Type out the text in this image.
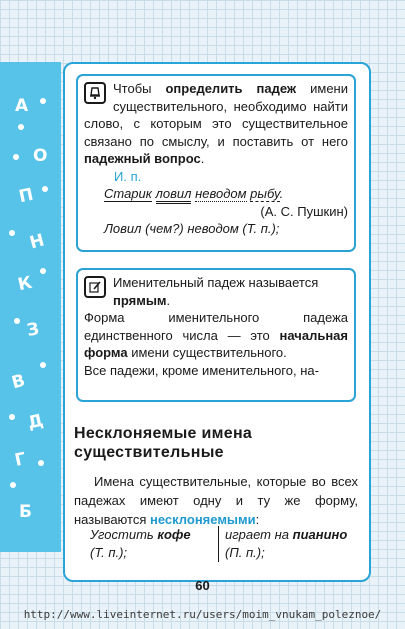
А
О
П
Н
К
З
В
Д
Г
Б
Чтобы определить падеж имени существительного, необходимо найти слово, с которым это существительное связано по смыслу, и поставить от него падежный вопрос.
И. п.
Старик ловил неводом рыбу.
(А. С. Пушкин)
Ловил (чем?) неводом (Т. п.);
Именительный падеж называется прямым.
Форма именительного падежа единственного числа — это начальная форма имени существительного.
Все падежи, кроме именительного, на-
Несклоняемые имена существительные
Имена существительные, которые во всех падежах имеют одну и ту же форму, называются несклоняемыми:
Угостить кофе
(Т. п.);
играет на пианино
(П. п.);
60
http://www.liveinternet.ru/users/moim_vnukam_poleznoe/
